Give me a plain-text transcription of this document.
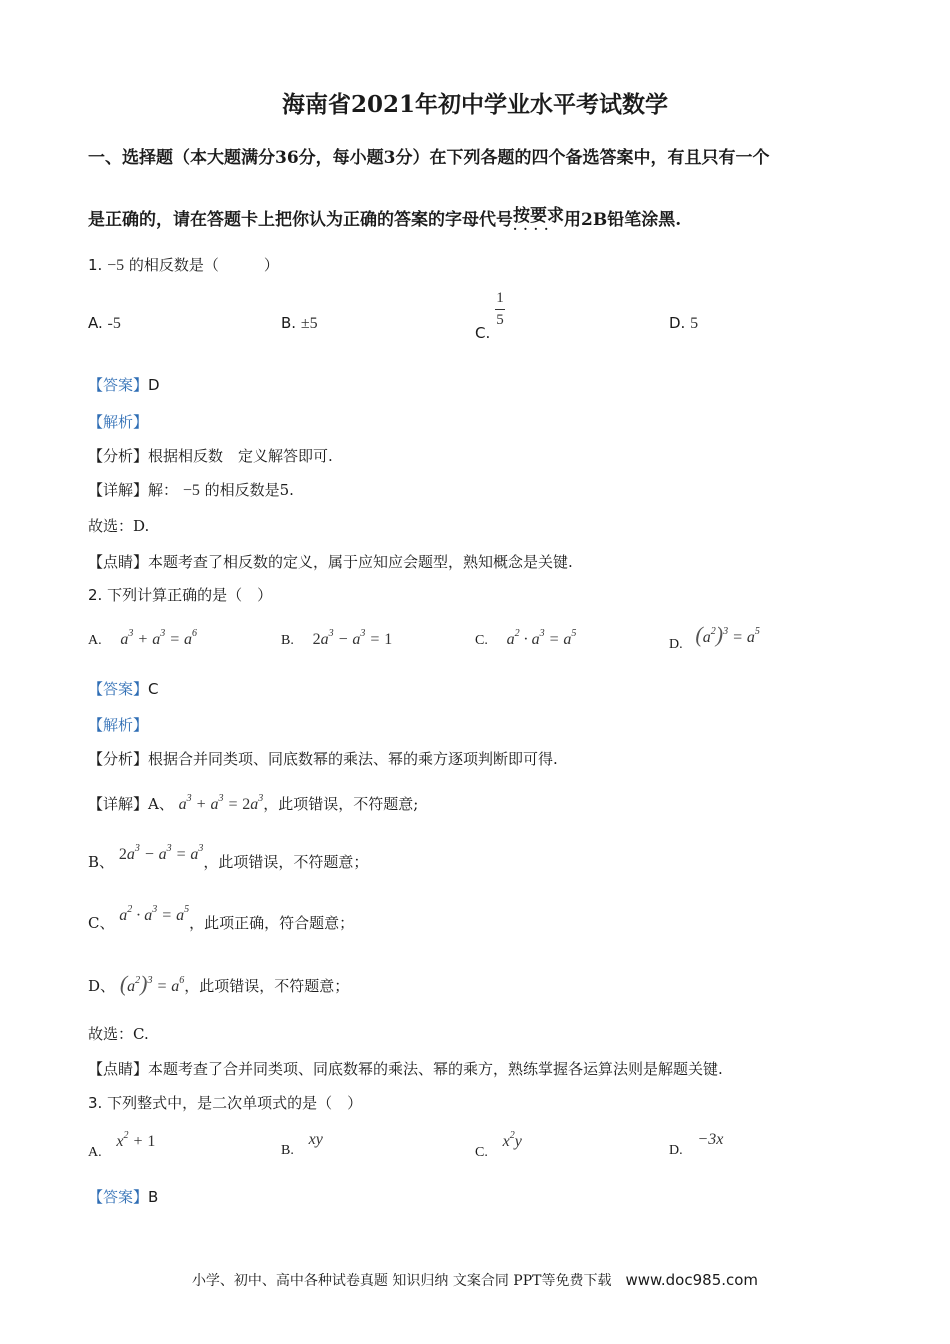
海南省2021年初中学业水平考试数学
一、选择题（本大题满分36分，每小题3分）在下列各题的四个备选答案中，有且只有一个
是正确的，请在答题卡上把你认为正确的答案的字母代号按要求 · · · ·用2B铅笔涂黑.
1. −5 的相反数是（　　　）
A. -5	B. ±5	C.
$\frac{1}{5}$	D. 5
【答案】D
【解析】
【分析】根据相反数　定义解答即可.
【详解】解： −5 的相反数是5.
故选：D.
【点睛】本题考查了相反数的定义，属于应知应会题型，熟知概念是关键.
2. 下列计算正确的是（　）
A. $a^3 + a^3 = a^6$	B. $2a^3 - a^3 = 1$	C. $a^2 \cdot a^3 = a^5$
D. $(a^2)^3 = a^5$
【答案】C
【解析】
【分析】根据合并同类项、同底数幂的乘法、幂的乘方逐项判断即可得.
【详解】A、 $a^3 + a^3 = 2a^3$，此项错误，不符题意;
B、 $2a^3 - a^3 = a^3$，此项错误，不符题意；
C、 $a^2 \cdot a^3 = a^5$，此项正确，符合题意；
D、 $(a^2)^3 = a^6$，此项错误，不符题意；
故选：C.
【点睛】本题考查了合并同类项、同底数幂的乘法、幂的乘方，熟练掌握各运算法则是解题关键.
3. 下列整式中，是二次单项式的是（　）
A. $x^2 + 1$
B. xy
C. $x^2y$
D. −3x
【答案】B
小学、初中、高中各种试卷真题 知识归纳 文案合同 PPT等免费下载 www.doc985.com
